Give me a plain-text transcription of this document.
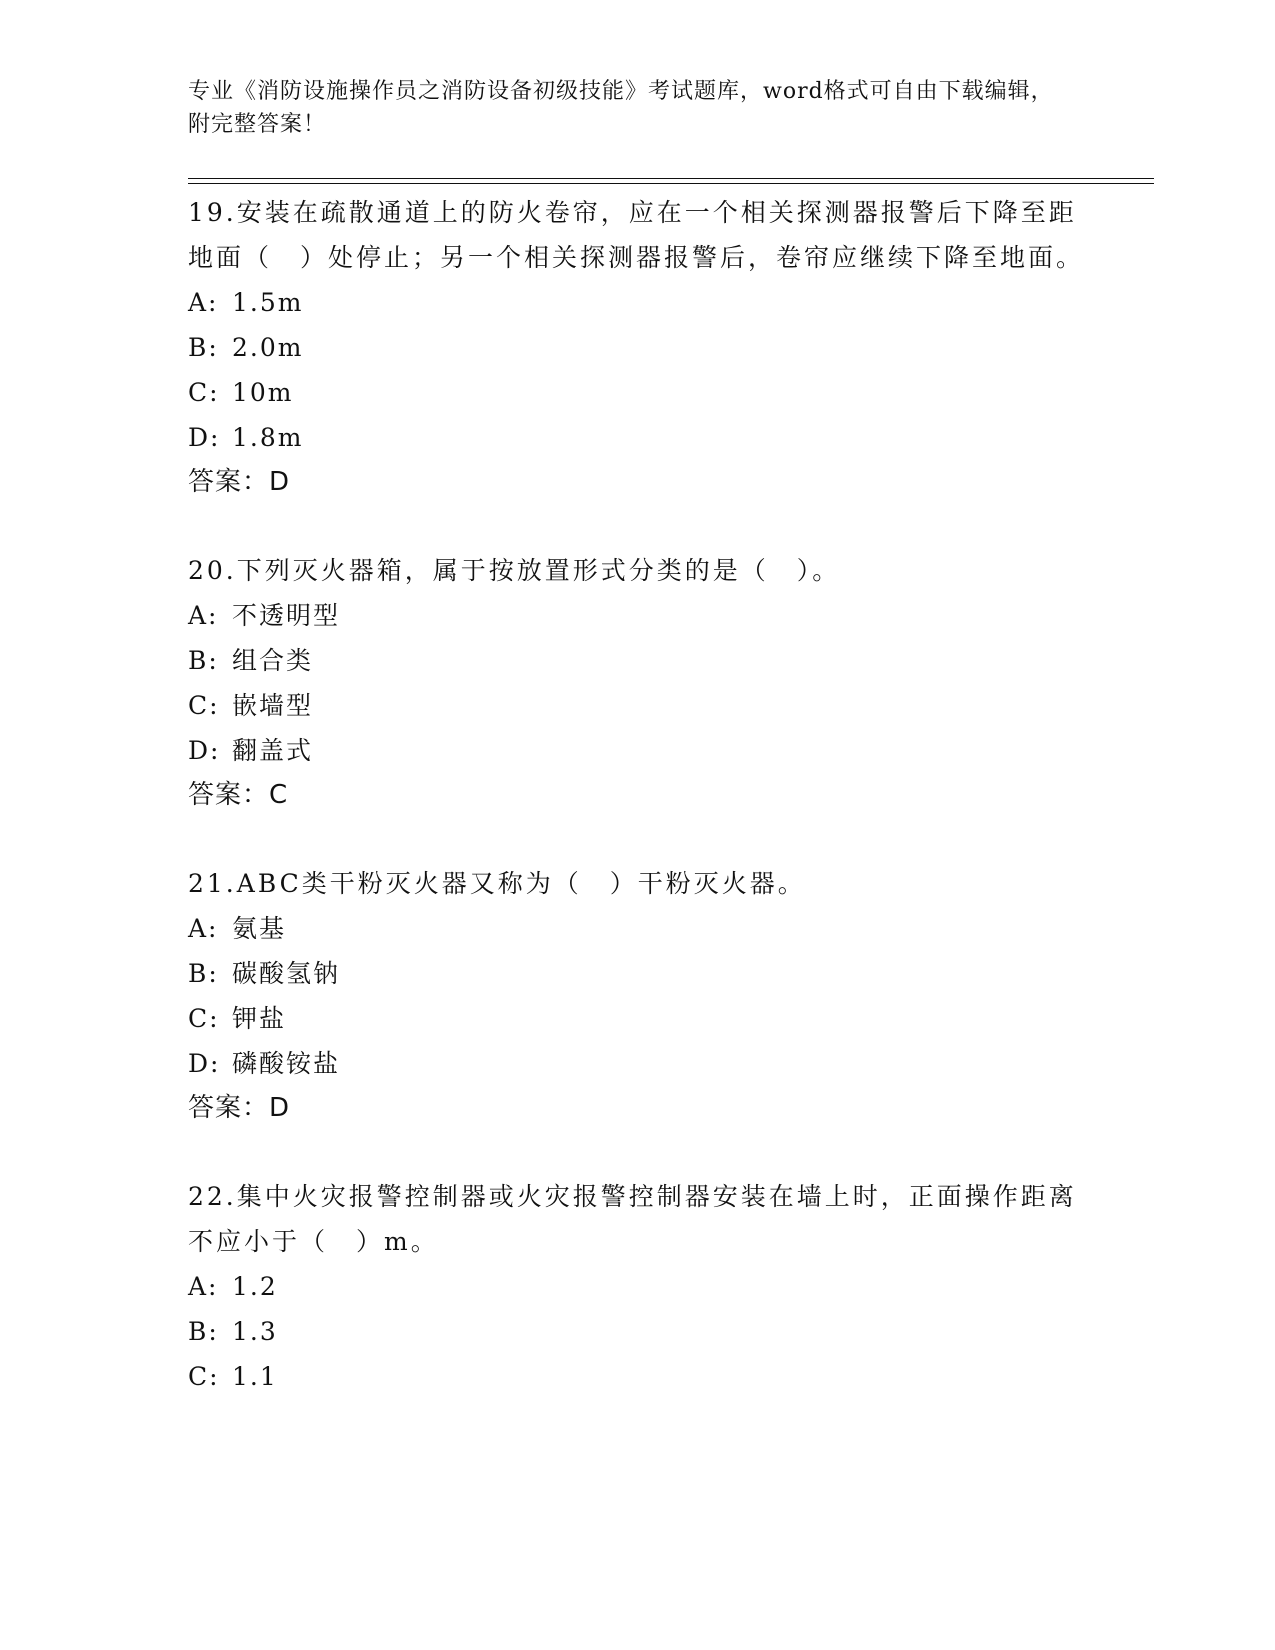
专业《消防设施操作员之消防设备初级技能》考试题库，word格式可自由下载编辑，附完整答案！
19.安装在疏散通道上的防火卷帘，应在一个相关探测器报警后下降至距地面（　）处停止；另一个相关探测器报警后，卷帘应继续下降至地面。
A: 1.5m
B: 2.0m
C: 10m
D: 1.8m
答案：D
20.下列灭火器箱，属于按放置形式分类的是（　）。
A: 不透明型
B: 组合类
C: 嵌墙型
D: 翻盖式
答案：C
21.ABC类干粉灭火器又称为（　）干粉灭火器。
A: 氨基
B: 碳酸氢钠
C: 钾盐
D: 磷酸铵盐
答案：D
22.集中火灾报警控制器或火灾报警控制器安装在墙上时，正面操作距离不应小于（　）m。
A: 1.2
B: 1.3
C: 1.1
